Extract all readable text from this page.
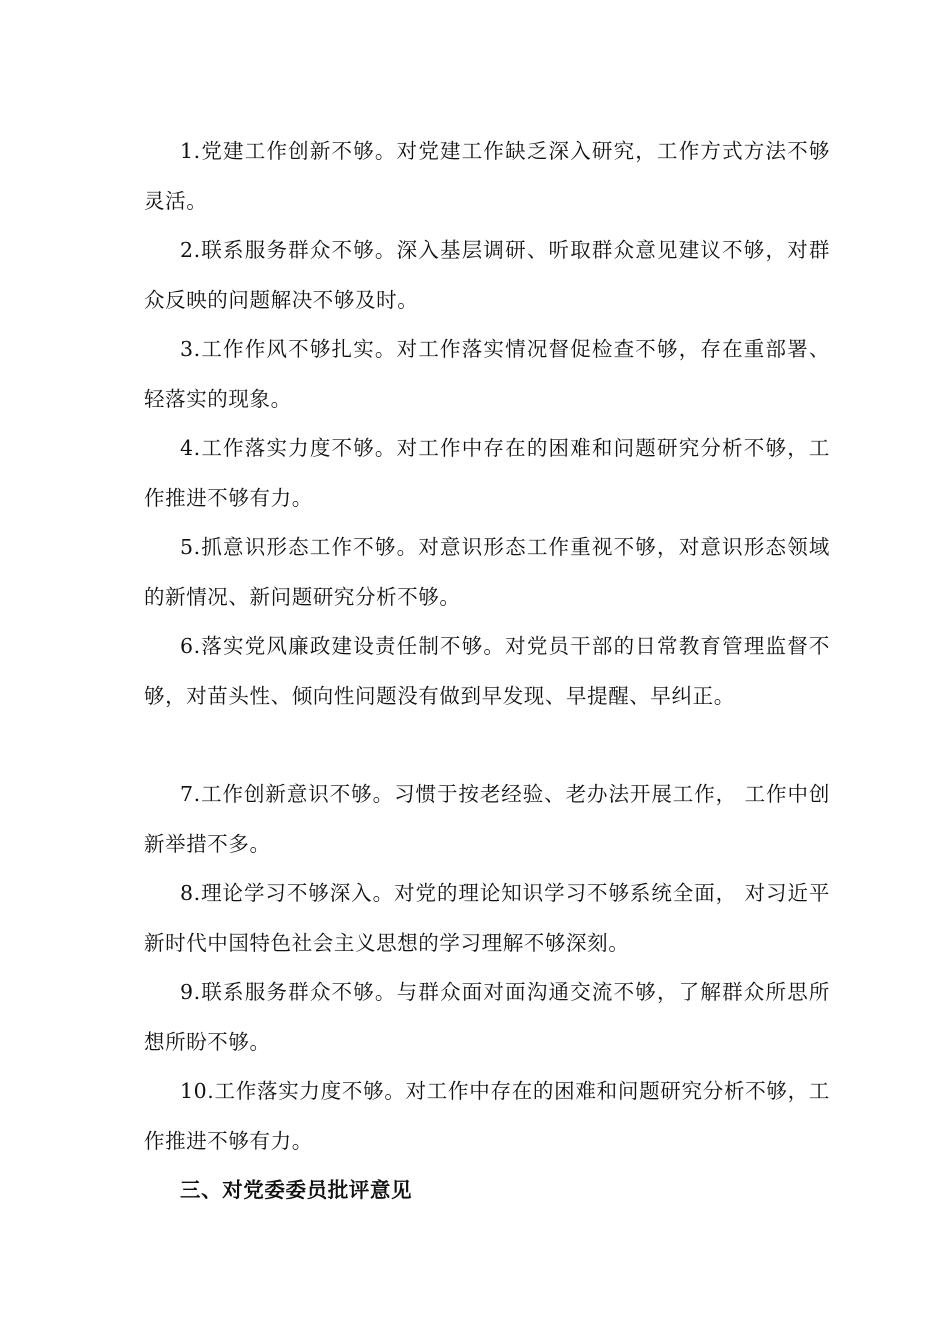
1.党建工作创新不够。对党建工作缺乏深入研究，工作方式方法不够灵活。

2.联系服务群众不够。深入基层调研、听取群众意见建议不够，对群众反映的问题解决不够及时。

3.工作作风不够扎实。对工作落实情况督促检查不够，存在重部署、轻落实的现象。

4.工作落实力度不够。对工作中存在的困难和问题研究分析不够，工作推进不够有力。

5.抓意识形态工作不够。对意识形态工作重视不够，对意识形态领域的新情况、新问题研究分析不够。

6.落实党风廉政建设责任制不够。对党员干部的日常教育管理监督不够，对苗头性、倾向性问题没有做到早发现、早提醒、早纠正。

7.工作创新意识不够。习惯于按老经验、老办法开展工作， 工作中创新举措不多。

8.理论学习不够深入。对党的理论知识学习不够系统全面， 对习近平新时代中国特色社会主义思想的学习理解不够深刻。

9.联系服务群众不够。与群众面对面沟通交流不够，了解群众所思所想所盼不够。

10.工作落实力度不够。对工作中存在的困难和问题研究分析不够，工作推进不够有力。

三、对党委委员批评意见
